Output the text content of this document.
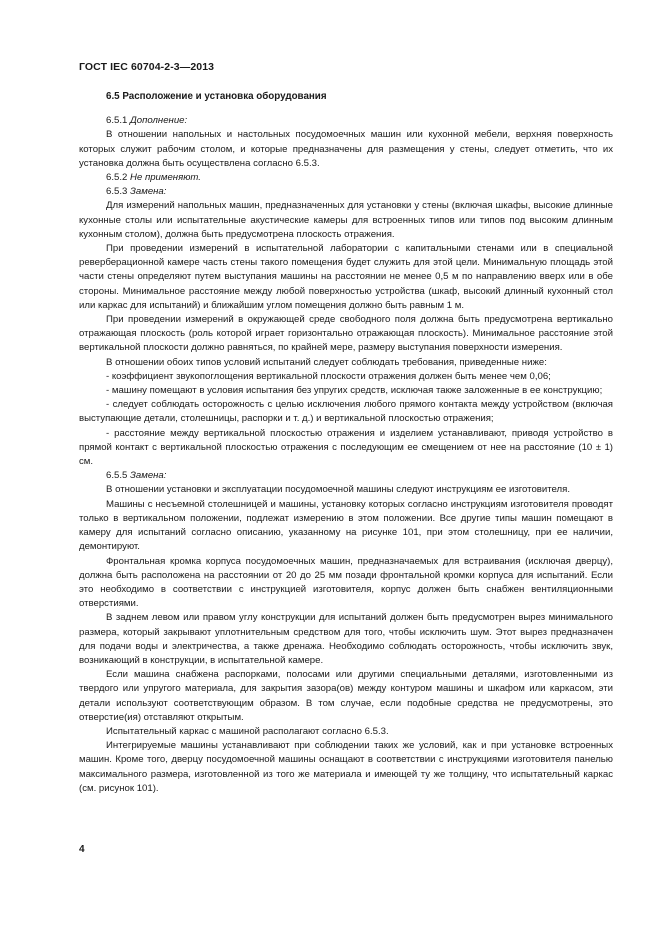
ГОСТ IEC 60704-2-3—2013

6.5 Расположение и установка оборудования

6.5.1 Дополнение:

В отношении напольных и настольных посудомоечных машин или кухонной мебели, верхняя поверхность которых служит рабочим столом, и которые предназначены для размещения у стены, следует отметить, что их установка должна быть осуществлена согласно 6.5.3.

6.5.2 Не применяют.

6.5.3 Замена:

Для измерений напольных машин, предназначенных для установки у стены (включая шкафы, высокие длинные кухонные столы или испытательные акустические камеры для встроенных типов или типов под высоким длинным кухонным столом), должна быть предусмотрена плоскость отражения.

При проведении измерений в испытательной лаборатории с капитальными стенами или в специальной реверберационной камере часть стены такого помещения будет служить для этой цели. Минимальную площадь этой части стены определяют путем выступания машины на расстоянии не менее 0,5 м по направлению вверх или в обе стороны. Минимальное расстояние между любой поверхностью устройства (шкаф, высокий длинный кухонный стол или каркас для испытаний) и ближайшим углом помещения должно быть равным 1 м.

При проведении измерений в окружающей среде свободного поля должна быть предусмотрена вертикально отражающая плоскость (роль которой играет горизонтально отражающая плоскость). Минимальное расстояние этой вертикальной плоскости должно равняться, по крайней мере, размеру выступания поверхности измерения.

В отношении обоих типов условий испытаний следует соблюдать требования, приведенные ниже:

- коэффициент звукопоглощения вертикальной плоскости отражения должен быть менее чем 0,06;

- машину помещают в условия испытания без упругих средств, исключая также заложенные в ее конструкцию;

- следует соблюдать осторожность с целью исключения любого прямого контакта между устройством (включая выступающие детали, столешницы, распорки и т. д.) и вертикальной плоскостью отражения;

- расстояние между вертикальной плоскостью отражения и изделием устанавливают, приводя устройство в прямой контакт с вертикальной плоскостью отражения с последующим ее смещением от нее на расстояние (10 ± 1) см.

6.5.5 Замена:

В отношении установки и эксплуатации посудомоечной машины следуют инструкциям ее изготовителя.

Машины с несъемной столешницей и машины, установку которых согласно инструкциям изготовителя проводят только в вертикальном положении, подлежат измерению в этом положении. Все другие типы машин помещают в камеру для испытаний согласно описанию, указанному на рисунке 101, при этом столешницу, при ее наличии, демонтируют.

Фронтальная кромка корпуса посудомоечных машин, предназначаемых для встраивания (исключая дверцу), должна быть расположена на расстоянии от 20 до 25 мм позади фронтальной кромки корпуса для испытаний. Если это необходимо в соответствии с инструкцией изготовителя, корпус должен быть снабжен вентиляционными отверстиями.

В заднем левом или правом углу конструкции для испытаний должен быть предусмотрен вырез минимального размера, который закрывают уплотнительным средством для того, чтобы исключить шум. Этот вырез предназначен для подачи воды и электричества, а также дренажа. Необходимо соблюдать осторожность, чтобы исключить звук, возникающий в конструкции, в испытательной камере.

Если машина снабжена распорками, полосами или другими специальными деталями, изготовленными из твердого или упругого материала, для закрытия зазора(ов) между контуром машины и шкафом или каркасом, эти детали используют соответствующим образом. В том случае, если подобные средства не предусмотрены, это отверстие(ия) отставляют открытым.

Испытательный каркас с машиной располагают согласно 6.5.3.

Интегрируемые машины устанавливают при соблюдении таких же условий, как и при установке встроенных машин. Кроме того, дверцу посудомоечной машины оснащают в соответствии с инструкциями изготовителя панелью максимального размера, изготовленной из того же материала и имеющей ту же толщину, что испытательный каркас (см. рисунок 101).

4
